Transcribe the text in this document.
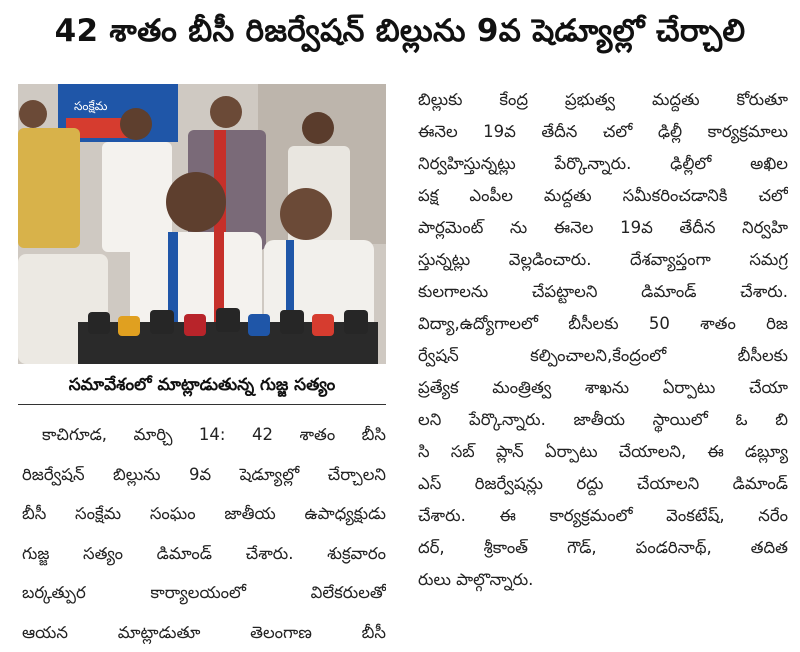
42 శాతం బీసీ రిజర్వేషన్ బిల్లును 9వ షెడ్యూల్లో చేర్చాలి
సంక్షేమ
సమావేశంలో మాట్లాడుతున్న గుజ్జ సత్యం
కాచిగూడ, మార్చి 14: 42 శాతం బీసి
రిజర్వేషన్ బిల్లును 9వ షెడ్యూల్లో చేర్చాలని
బీసీ సంక్షేమ సంఘం జాతీయ ఉపాధ్యక్షుడు
గుజ్జ సత్యం డిమాండ్ చేశారు. శుక్రవారం
బర్కత్పుర కార్యాలయంలో విలేకరులతో
ఆయన మాట్లాడుతూ తెలంగాణ బీసీ
బిల్లుకు కేంద్ర ప్రభుత్వ మద్దతు కోరుతూ
ఈనెల 19వ తేదీన చలో ఢిల్లీ కార్యక్రమాలు
నిర్వహిస్తున్నట్లు పేర్కొన్నారు. ఢిల్లీలో అఖిల
పక్ష ఎంపీల మద్దతు సమీకరించడానికి చలో
పార్లమెంట్ ను ఈనెల 19వ తేదీన నిర్వహి
స్తున్నట్లు వెల్లడించారు. దేశవ్యాప్తంగా సమగ్ర
కులగాలను చేపట్టాలని డిమాండ్ చేశారు.
విద్యా,ఉద్యోగాలలో బీసీలకు 50 శాతం రిజ
ర్వేషన్ కల్పించాలని,కేంద్రంలో బీసీలకు
ప్రత్యేక మంత్రిత్వ శాఖను ఏర్పాటు చేయా
లని పేర్కొన్నారు. జాతీయ స్థాయిలో ఓ బి
సి సబ్ ప్లాన్ ఏర్పాటు చేయాలని, ఈ డబ్ల్యూ
ఎస్ రిజర్వేషన్లు రద్దు చేయాలని డిమాండ్
చేశారు. ఈ కార్యక్రమంలో వెంకటేష్, నరేం
దర్, శ్రీకాంత్ గౌడ్, పండరినాథ్, తదిత
రులు పాల్గొన్నారు.
